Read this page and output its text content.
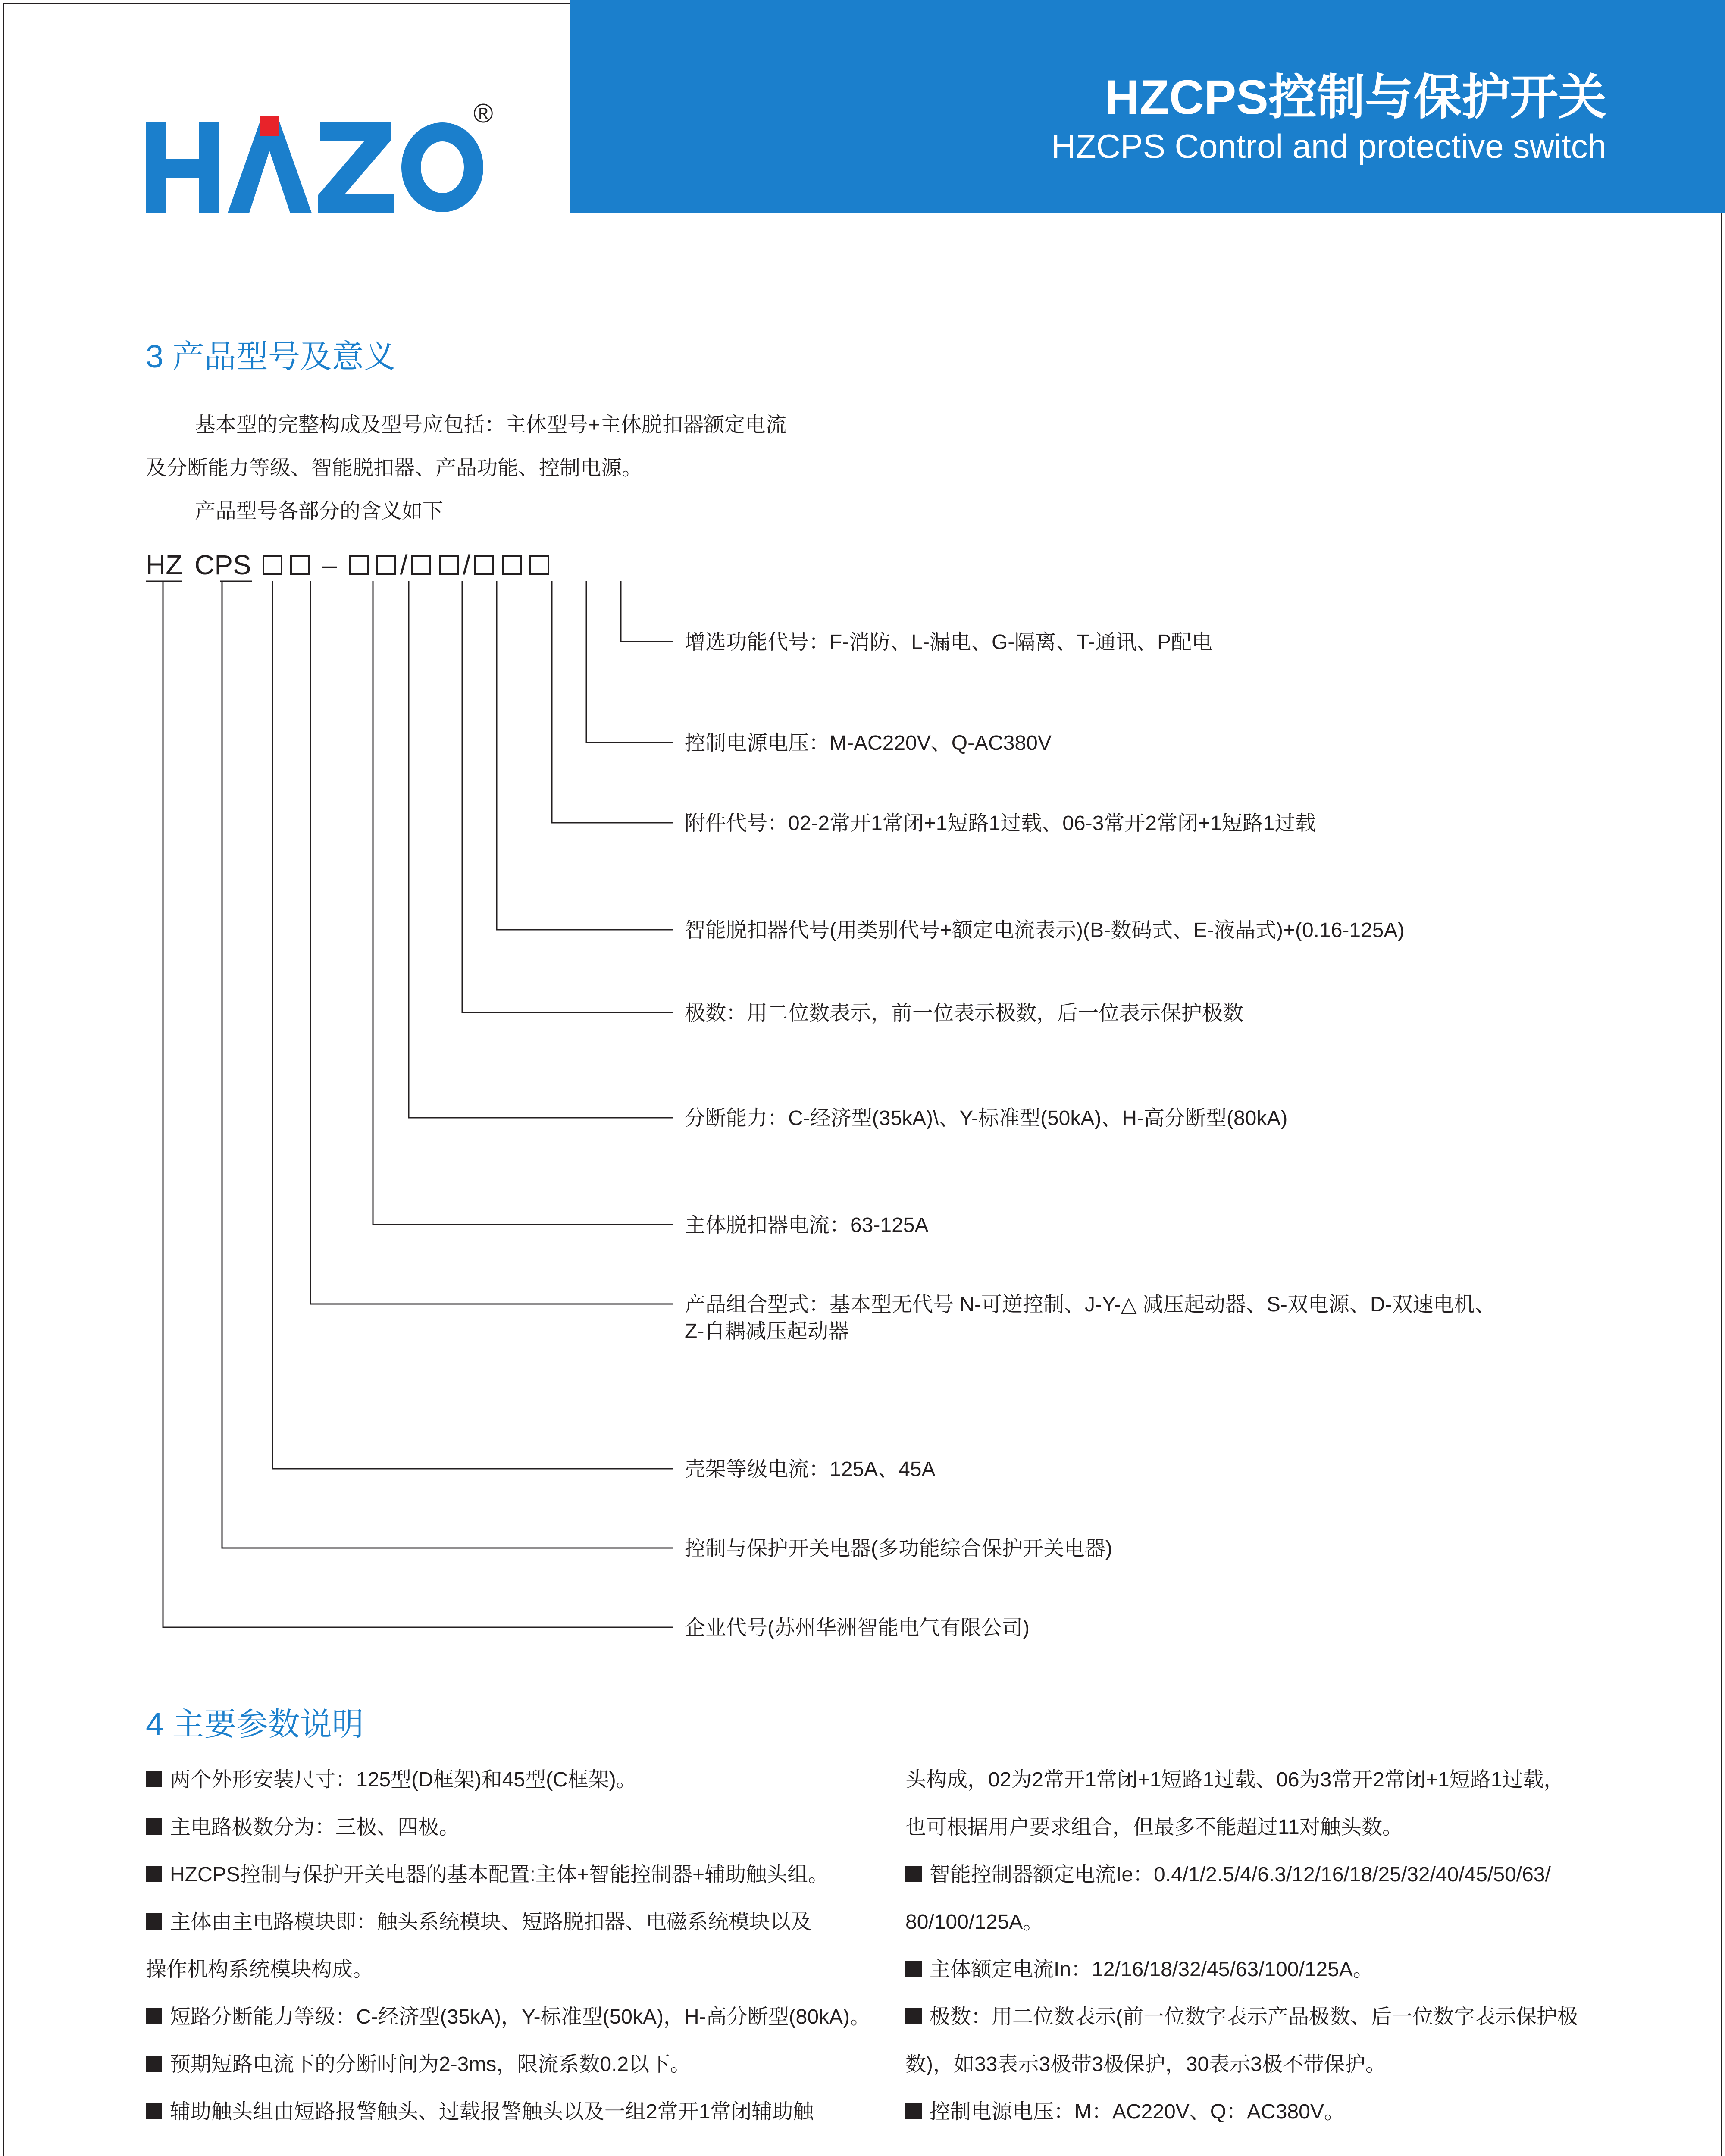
HZCPS控制与保护开关
HZCPS Control and protective switch
®
3 产品型号及意义
基本型的完整构成及型号应包括：主体型号+主体脱扣器额定电流
及分断能力等级、智能脱扣器、产品功能、控制电源。
产品型号各部分的含义如下
HZ CPS	– / /
增选功能代号：F-消防、L-漏电、G-隔离、T-通讯、P配电
控制电源电压：M-AC220V、Q-AC380V
附件代号：02-2常开1常闭+1短路1过载、06-3常开2常闭+1短路1过载
智能脱扣器代号(用类别代号+额定电流表示)(B-数码式、E-液晶式)+(0.16-125A)
极数：用二位数表示，前一位表示极数，后一位表示保护极数
分断能力：C-经济型(35kA)\、Y-标准型(50kA)、H-高分断型(80kA)
主体脱扣器电流：63-125A
产品组合型式：基本型无代号 N-可逆控制、J-Y-△ 减压起动器、S-双电源、D-双速电机、
Z-自耦减压起动器
壳架等级电流：125A、45A
控制与保护开关电器(多功能综合保护开关电器)
企业代号(苏州华洲智能电气有限公司)
4 主要参数说明
两个外形安装尺寸：125型(D框架)和45型(C框架)。
主电路极数分为：三极、四极。
HZCPS控制与保护开关电器的基本配置:主体+智能控制器+辅助触头组。
主体由主电路模块即：触头系统模块、短路脱扣器、电磁系统模块以及
操作机构系统模块构成。
短路分断能力等级：C-经济型(35kA)，Y-标准型(50kA)，H-高分断型(80kA)。
预期短路电流下的分断时间为2-3ms，限流系数0.2以下。
辅助触头组由短路报警触头、过载报警触头以及一组2常开1常闭辅助触
头构成，02为2常开1常闭+1短路1过载、06为3常开2常闭+1短路1过载，
也可根据用户要求组合，但最多不能超过11对触头数。
智能控制器额定电流Ie：0.4/1/2.5/4/6.3/12/16/18/25/32/40/45/50/63/
80/100/125A。
主体额定电流In：12/16/18/32/45/63/100/125A。
极数：用二位数表示(前一位数字表示产品极数、后一位数字表示保护极
数)，如33表示3极带3极保护，30表示3极不带保护。
控制电源电压：M：AC220V、Q：AC380V。
